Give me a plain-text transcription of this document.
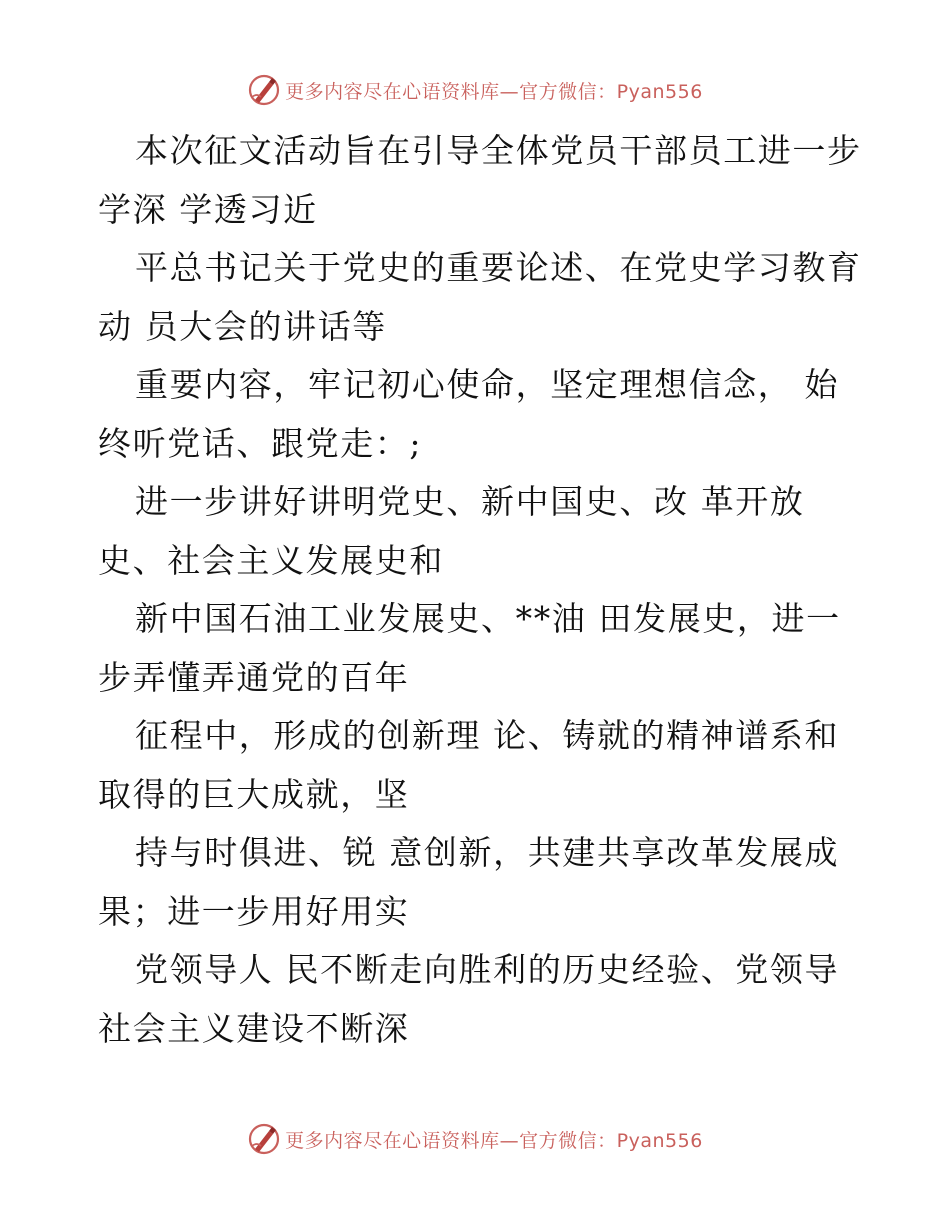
更多内容尽在心语资料库—官方微信：Pyan556
本次征文活动旨在引导全体党员干部员工进一步
学深 学透习近
平总书记关于党史的重要论述、在党史学习教育
动 员大会的讲话等
重要内容，牢记初心使命，坚定理想信念， 始
终听党话、跟党走：;
进一步讲好讲明党史、新中国史、改 革开放
史、社会主义发展史和
新中国石油工业发展史、**油 田发展史，进一
步弄懂弄通党的百年
征程中，形成的创新理 论、铸就的精神谱系和
取得的巨大成就，坚
持与时俱进、锐 意创新，共建共享改革发展成
果；进一步用好用实
党领导人 民不断走向胜利的历史经验、党领导
社会主义建设不断深
更多内容尽在心语资料库—官方微信：Pyan556
